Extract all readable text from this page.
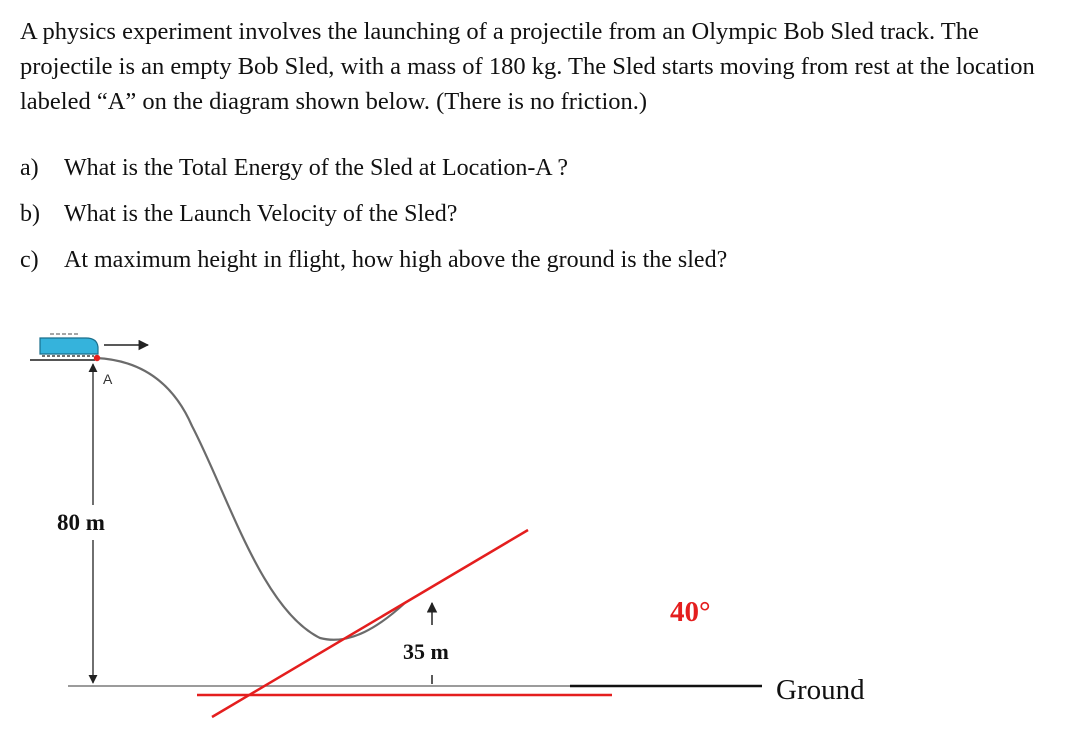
A physics experiment involves the launching of a projectile from an Olympic Bob Sled track. The projectile is an empty Bob Sled, with a mass of 180 kg. The Sled starts moving from rest at the location labeled “A” on the diagram shown below. (There is no friction.)

a) What is the Total Energy of the Sled at Location-A ?
b) What is the Launch Velocity of the Sled?
c) At maximum height in flight, how high above the ground is the sled?
A
80 m
35 m
40°
Ground
